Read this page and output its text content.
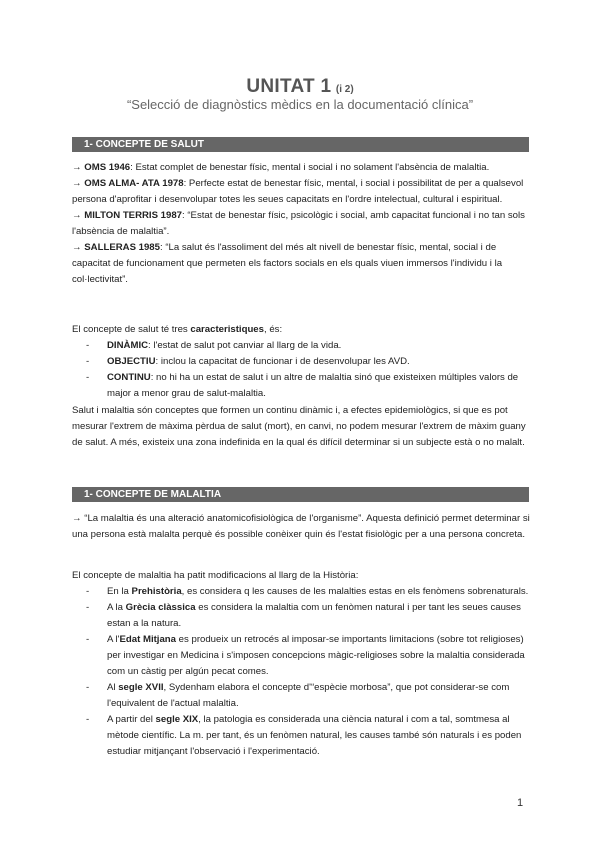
UNITAT 1 (i 2)
“Selecció de diagnòstics mèdics en la documentació clínica”
1- CONCEPTE DE SALUT

→ OMS 1946: Estat complet de benestar físic, mental i social i no solament l'absència de malaltia.

→ OMS ALMA- ATA 1978: Perfecte estat de benestar físic, mental, i social i possibilitat de per a qualsevol persona d'aprofitar i desenvolupar totes les seues capacitats en l'ordre intelectual, cultural i espiritual.

→ MILTON TERRIS 1987: “Estat de benestar físic, psicològic i social, amb capacitat funcional i no tan sols l'absència de malaltia”.

→ SALLERAS 1985: “La salut és l'assoliment del més alt nivell de benestar físic, mental, social i de capacitat de funcionament que permeten els factors socials en els quals viuen immersos l'individu i la col·lectivitat”.

El concepte de salut té tres caracteristiques, és:

- DINÀMIC: l'estat de salut pot canviar al llarg de la vida.
- OBJECTIU: inclou la capacitat de funcionar i de desenvolupar les AVD.
- CONTINU: no hi ha un estat de salut i un altre de malaltia sinó que existeixen múltiples valors de major a menor grau de salut-malaltia.

Salut i malaltia són conceptes que formen un continu dinàmic i, a efectes epidemiològics, si que es pot mesurar l'extrem de màxima pèrdua de salut (mort), en canvi, no podem mesurar l'extrem de màxim guany de salut. A més, existeix una zona indefinida en la qual és difícil determinar si un subjecte està o no malalt.

1- CONCEPTE DE MALALTIA

→ “La malaltia és una alteració anatomicofisiològica de l'organisme”. Aquesta definició permet determinar si una persona està malalta perquè és possible conèixer quin és l'estat fisiològic per a una persona concreta.

El concepte de malaltia ha patit modificacions al llarg de la Història:

- En la Prehistòria, es considera q les causes de les malalties estas en els fenòmens sobrenaturals.
- A la Grècia clàssica es considera la malaltia com un fenòmen natural i per tant les seues causes estan a la natura.
- A l'Edat Mitjana es produeix un retrocés al imposar-se importants limitacions (sobre tot religioses) per investigar en Medicina i s'imposen concepcions màgic-religioses sobre la malaltia considerada com un càstig per algún pecat comes.
- Al segle XVII, Sydenham elabora el concepte d'“espècie morbosa”, que pot considerar-se com l'equivalent de l'actual malaltia.
- A partir del segle XIX, la patologia es considerada una ciència natural i com a tal, somtmesa al mètode científic. La m. per tant, és un fenòmen natural, les causes també són naturals i es poden estudiar mitjançant l'observació i l'experimentació.
1
